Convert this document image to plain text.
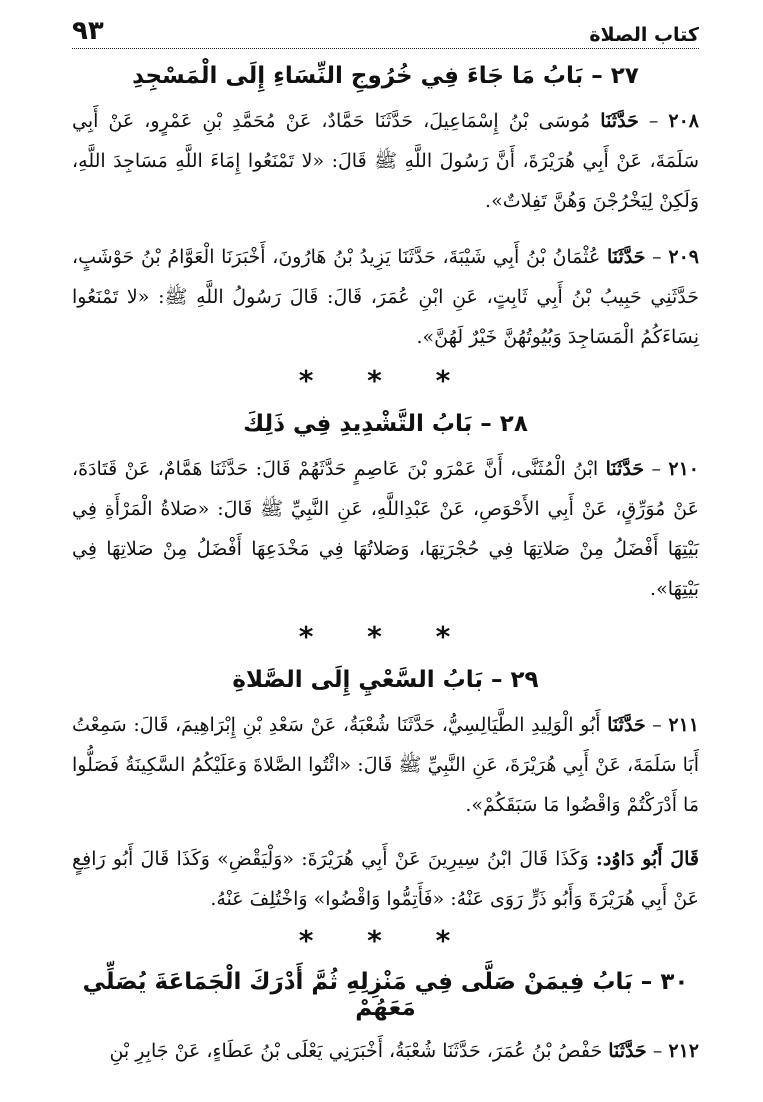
كتاب الصلاة
٩٣
٢٧ – بَابُ مَا جَاءَ فِي خُرُوجِ النِّسَاءِ إِلَى الْمَسْجِدِ

٢٠٨ – حَدَّثَنَا مُوسَى بْنُ إِسْمَاعِيلَ، حَدَّثَنَا حَمَّادٌ، عَنْ مُحَمَّدِ بْنِ عَمْرٍو، عَنْ أَبِي سَلَمَةَ، عَنْ أَبِي هُرَيْرَةَ، أَنَّ رَسُولَ اللَّهِ ﷺ قَالَ: «لا تَمْنَعُوا إِمَاءَ اللَّهِ مَسَاجِدَ اللَّهِ، وَلَكِنْ لِيَخْرُجْنَ وَهُنَّ تَفِلاتٌ».

٢٠٩ – حَدَّثَنَا عُثْمَانُ بْنُ أَبِي شَيْبَةَ، حَدَّثَنَا يَزِيدُ بْنُ هَارُونَ، أَخْبَرَنَا الْعَوَّامُ بْنُ حَوْشَبٍ، حَدَّثَنِي حَبِيبُ بْنُ أَبِي ثَابِتٍ، عَنِ ابْنِ عُمَرَ، قَالَ: قَالَ رَسُولُ اللَّهِ ﷺ: «لا تَمْنَعُوا نِسَاءَكُمُ الْمَسَاجِدَ وَبُيُوتُهُنَّ خَيْرٌ لَهُنَّ».

* * *

٢٨ – بَابُ التَّشْدِيدِ فِي ذَلِكَ

٢١٠ – حَدَّثَنَا ابْنُ الْمُثَنَّى، أَنَّ عَمْرَو بْنَ عَاصِمٍ حَدَّثَهُمْ قَالَ: حَدَّثَنَا هَمَّامٌ، عَنْ قَتَادَةَ، عَنْ مُوَرِّقٍ، عَنْ أَبِي الأَحْوَصِ، عَنْ عَبْدِاللَّهِ، عَنِ النَّبِيِّ ﷺ قَالَ: «صَلاةُ الْمَرْأَةِ فِي بَيْتِهَا أَفْضَلُ مِنْ صَلاتِهَا فِي حُجْرَتِهَا، وَصَلاتُهَا فِي مَخْدَعِهَا أَفْضَلُ مِنْ صَلاتِهَا فِي بَيْتِهَا».

* * *

٢٩ – بَابُ السَّعْيِ إِلَى الصَّلاةِ

٢١١ – حَدَّثَنَا أَبُو الْوَلِيدِ الطَّيَالِسِيُّ، حَدَّثَنَا شُعْبَةُ، عَنْ سَعْدِ بْنِ إِبْرَاهِيمَ، قَالَ: سَمِعْتُ أَبَا سَلَمَةَ، عَنْ أَبِي هُرَيْرَةَ، عَنِ النَّبِيِّ ﷺ قَالَ: «ائْتُوا الصَّلاةَ وَعَلَيْكُمُ السَّكِينَةُ فَصَلُّوا مَا أَدْرَكْتُمْ وَاقْضُوا مَا سَبَقَكُمْ».

قَالَ أَبُو دَاوُد: وَكَذَا قَالَ ابْنُ سِيرِينَ عَنْ أَبِي هُرَيْرَةَ: «وَلْيَقْضِ» وَكَذَا قَالَ أَبُو رَافِعٍ عَنْ أَبِي هُرَيْرَةَ وَأَبُو ذَرٍّ رَوَى عَنْهُ: «فَأَتِمُّوا وَاقْضُوا» وَاخْتُلِفَ عَنْهُ.

* * *

٣٠ – بَابُ فِيمَنْ صَلَّى فِي مَنْزِلِهِ ثُمَّ أَدْرَكَ الْجَمَاعَةَ يُصَلِّي مَعَهُمْ

٢١٢ – حَدَّثَنَا حَفْصُ بْنُ عُمَرَ، حَدَّثَنَا شُعْبَةُ، أَخْبَرَنِي يَعْلَى بْنُ عَطَاءٍ، عَنْ جَابِرِ بْنِ
